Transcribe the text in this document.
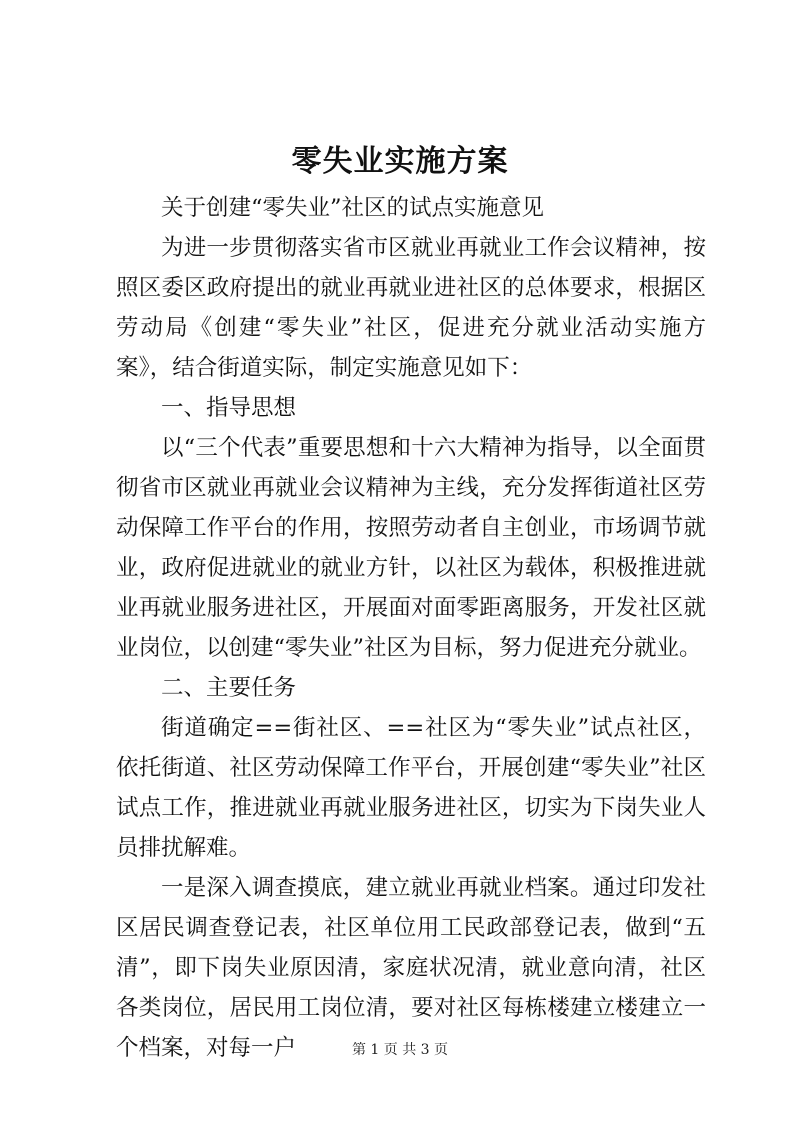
零失业实施方案

关于创建“零失业”社区的试点实施意见

为进一步贯彻落实省市区就业再就业工作会议精神，按照区委区政府提出的就业再就业进社区的总体要求，根据区劳动局《创建“零失业”社区，促进充分就业活动实施方案》，结合街道实际，制定实施意见如下：

一、指导思想

以“三个代表”重要思想和十六大精神为指导，以全面贯彻省市区就业再就业会议精神为主线，充分发挥街道社区劳动保障工作平台的作用，按照劳动者自主创业，市场调节就业，政府促进就业的就业方针，以社区为载体，积极推进就业再就业服务进社区，开展面对面零距离服务，开发社区就业岗位，以创建“零失业”社区为目标，努力促进充分就业。

二、主要任务

街道确定==街社区、==社区为“零失业”试点社区，依托街道、社区劳动保障工作平台，开展创建“零失业”社区试点工作，推进就业再就业服务进社区，切实为下岗失业人员排扰解难。

一是深入调查摸底，建立就业再就业档案。通过印发社区居民调查登记表，社区单位用工民政部登记表，做到“五清”，即下岗失业原因清，家庭状况清，就业意向清，社区各类岗位，居民用工岗位清，要对社区每栋楼建立楼建立一个档案，对每一户	第 1 页 共 3 页
